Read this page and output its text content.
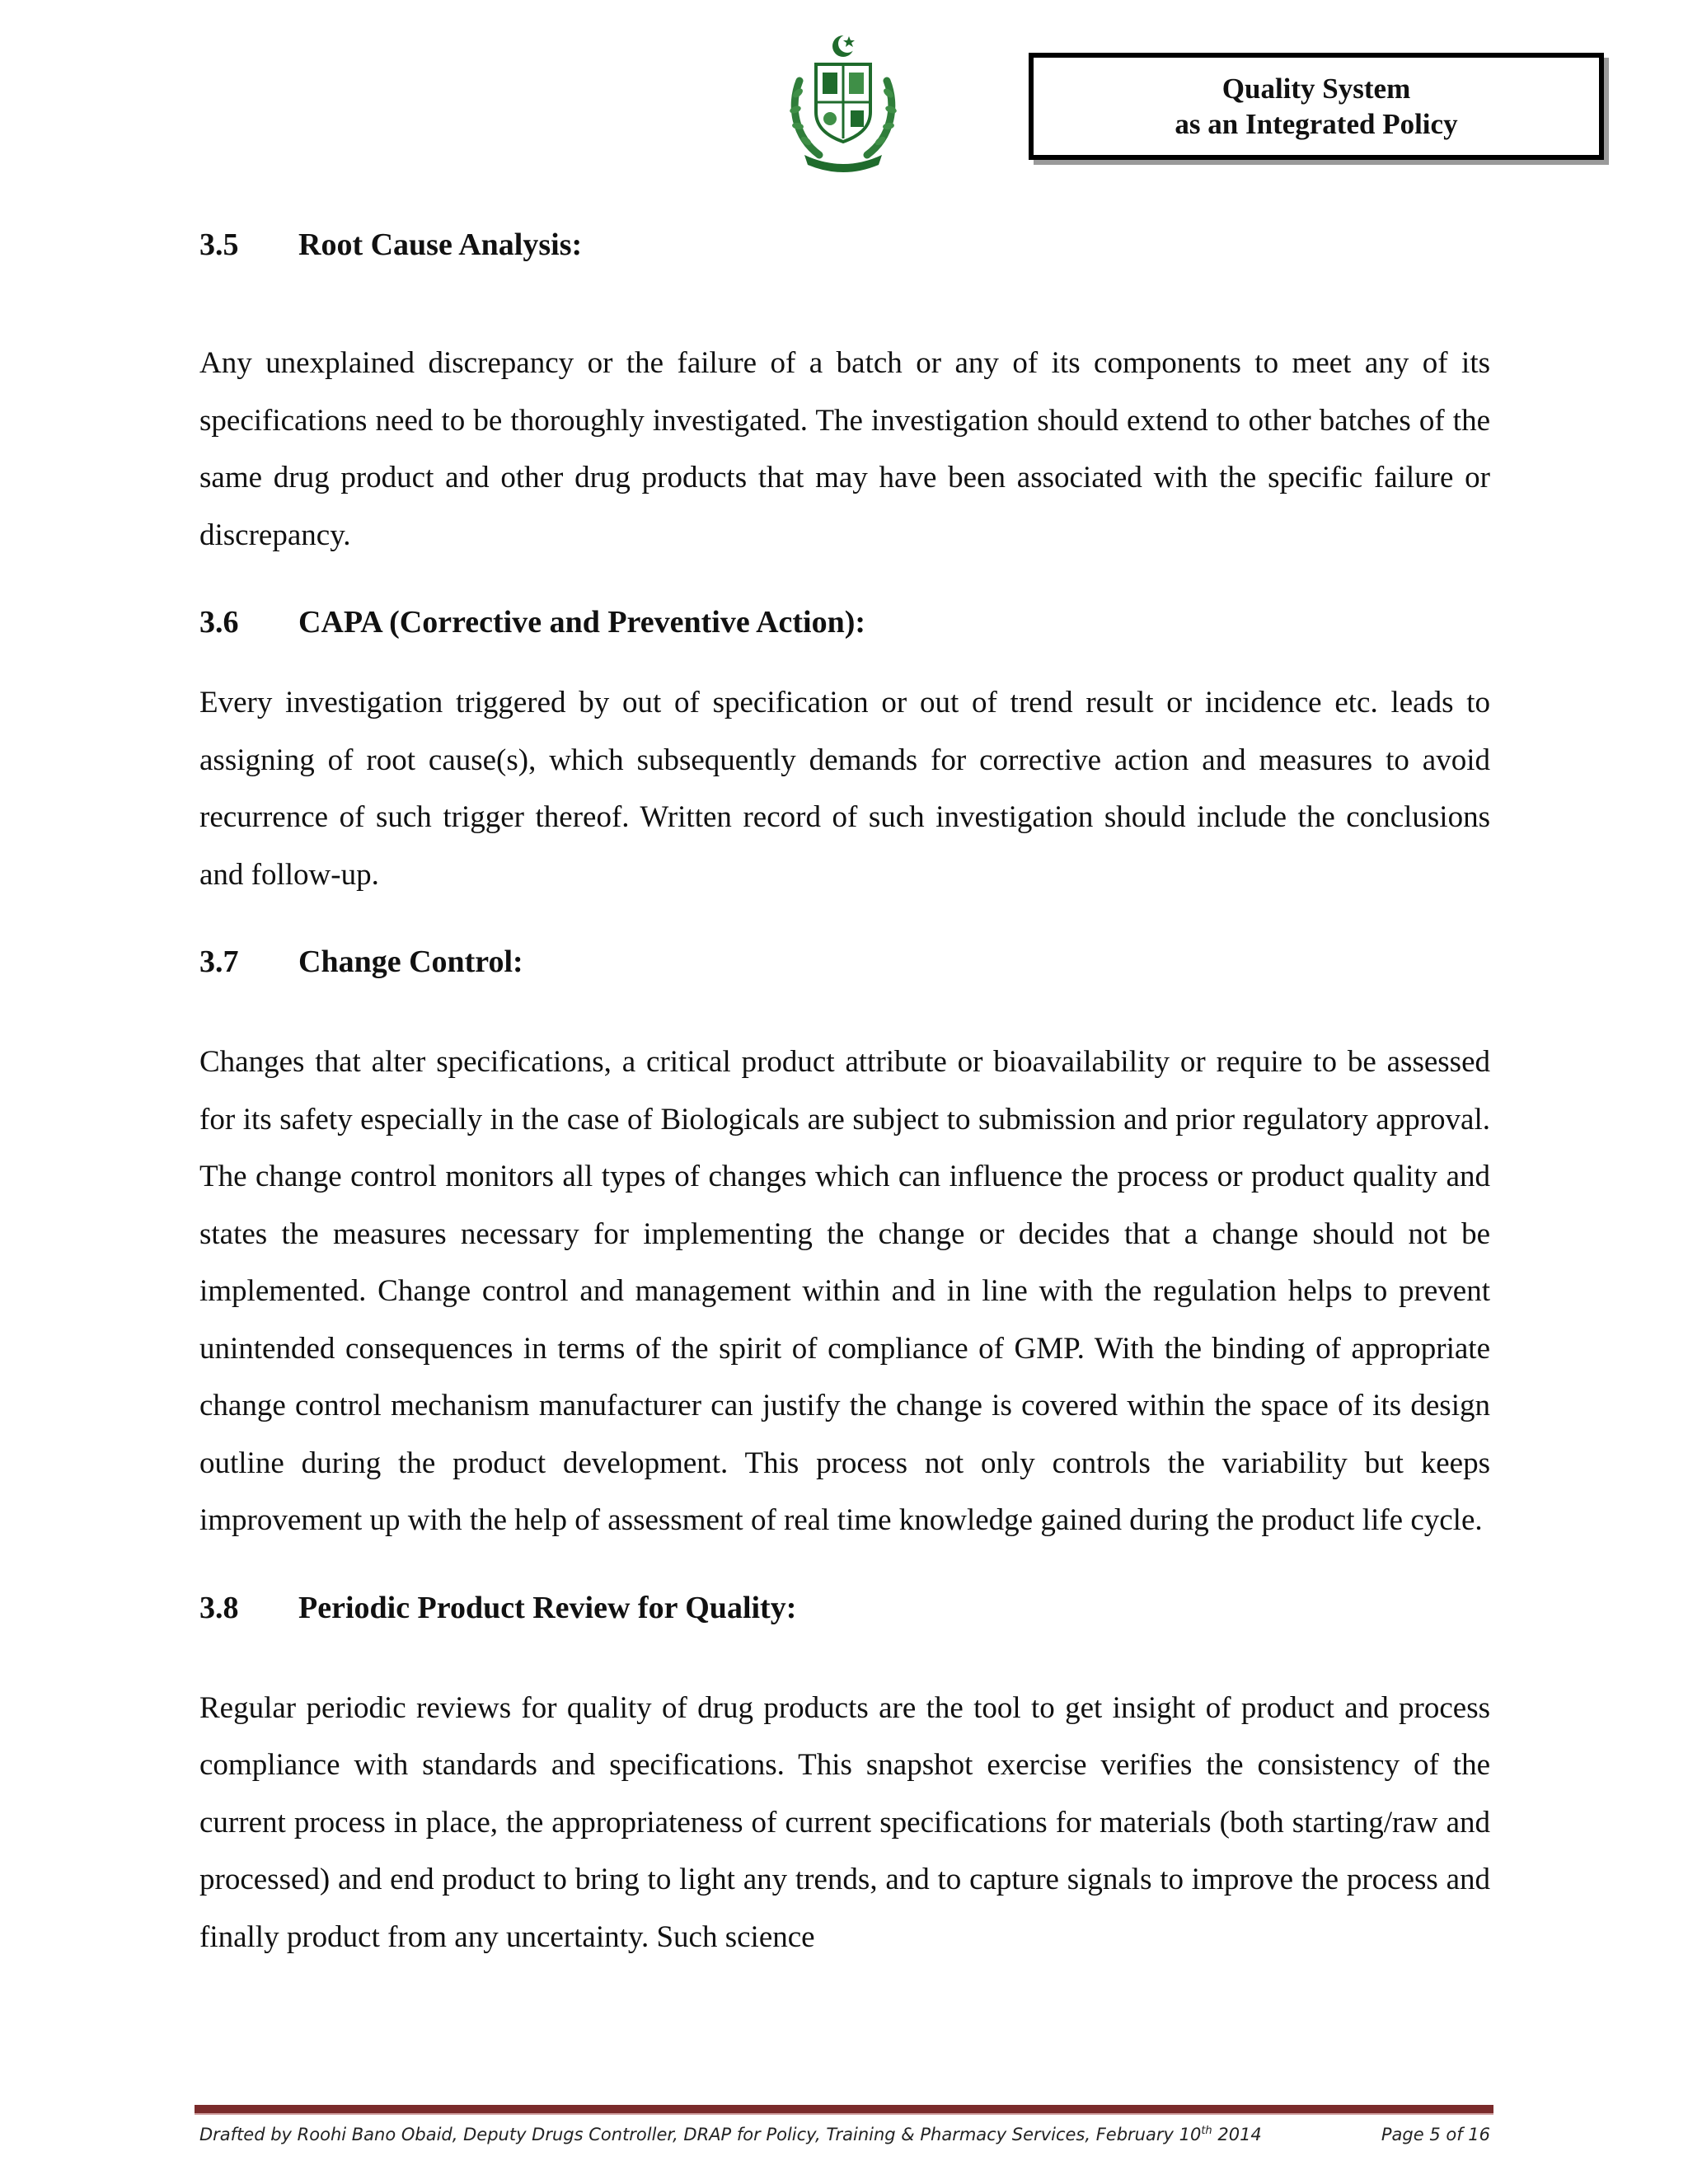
Quality System
as an Integrated Policy
3.5	Root Cause Analysis:

Any unexplained discrepancy or the failure of a batch or any of its components to meet any of its specifications need to be thoroughly investigated. The investigation should extend to other batches of the same drug product and other drug products that may have been associated with the specific failure or discrepancy.

3.6	CAPA (Corrective and Preventive Action):

Every investigation triggered by out of specification or out of trend result or incidence etc. leads to assigning of root cause(s), which subsequently demands for corrective action and measures to avoid recurrence of such trigger thereof. Written record of such investigation should include the conclusions and follow-up.

3.7	Change Control:

Changes that alter specifications, a critical product attribute or bioavailability or require to be assessed for its safety especially in the case of Biologicals are subject to submission and prior regulatory approval. The change control monitors all types of changes which can influence the process or product quality and states the measures necessary for implementing the change or decides that a change should not be implemented. Change control and management within and in line with the regulation helps to prevent unintended consequences in terms of the spirit of compliance of GMP. With the binding of appropriate change control mechanism manufacturer can justify the change is covered within the space of its design outline during the product development. This process not only controls the variability but keeps improvement up with the help of assessment of real time knowledge gained during the product life cycle.

3.8	Periodic Product Review for Quality:

Regular periodic reviews for quality of drug products are the tool to get insight of product and process compliance with standards and specifications. This snapshot exercise verifies the consistency of the current process in place, the appropriateness of current specifications for materials (both starting/raw and processed) and end product to bring to light any trends, and to capture signals to improve the process and finally product from any uncertainty. Such science

Drafted by Roohi Bano Obaid, Deputy Drugs Controller, DRAP for Policy, Training & Pharmacy Services, February 10th 2014	Page 5 of 16
